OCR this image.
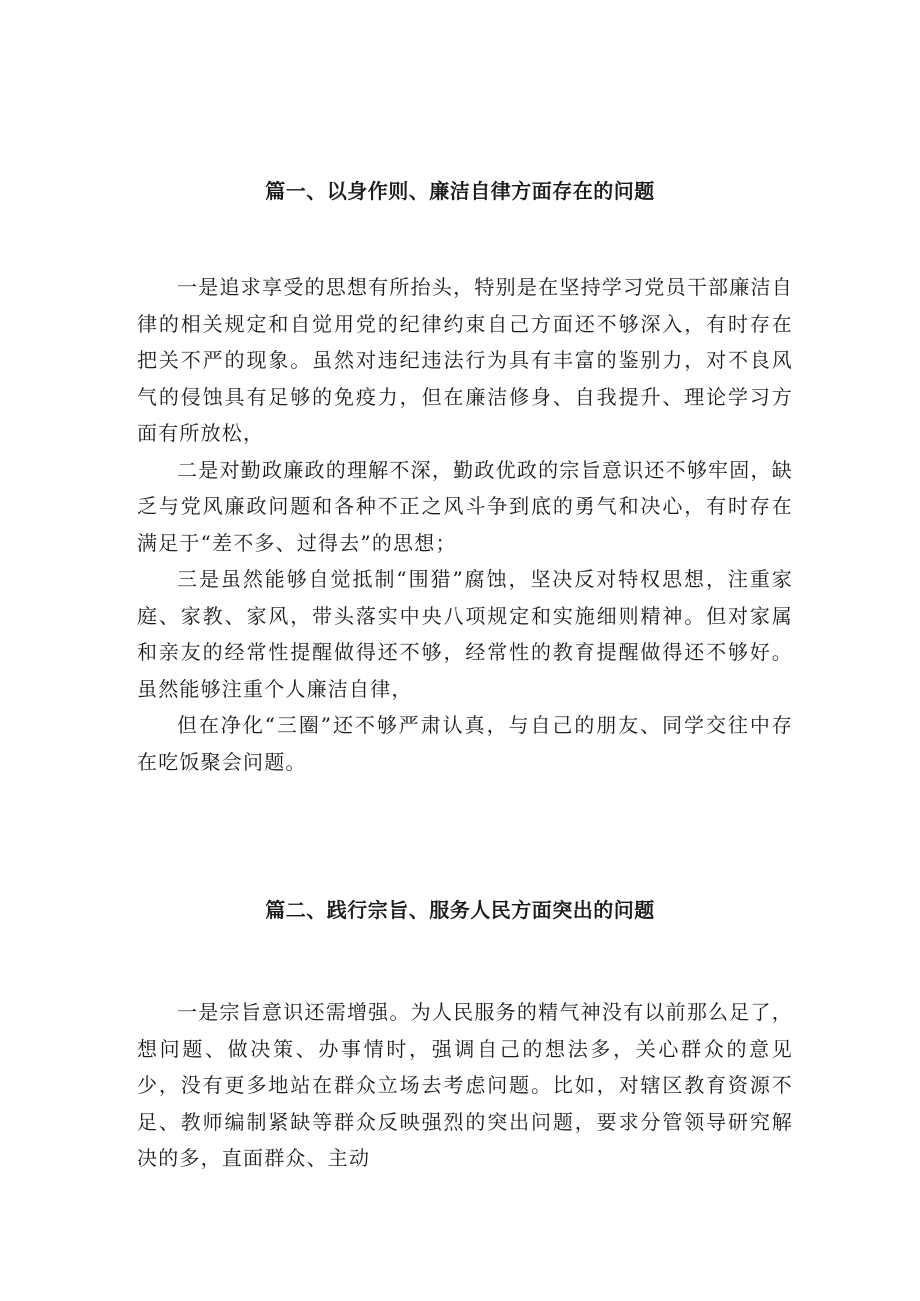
篇一、以身作则、廉洁自律方面存在的问题

一是追求享受的思想有所抬头，特别是在坚持学习党员干部廉洁自律的相关规定和自觉用党的纪律约束自己方面还不够深入，有时存在把关不严的现象。虽然对违纪违法行为具有丰富的鉴别力，对不良风气的侵蚀具有足够的免疫力，但在廉洁修身、自我提升、理论学习方面有所放松，

二是对勤政廉政的理解不深，勤政优政的宗旨意识还不够牢固，缺乏与党风廉政问题和各种不正之风斗争到底的勇气和决心，有时存在满足于“差不多、过得去”的思想；

三是虽然能够自觉抵制“围猎”腐蚀，坚决反对特权思想，注重家庭、家教、家风，带头落实中央八项规定和实施细则精神。但对家属和亲友的经常性提醒做得还不够，经常性的教育提醒做得还不够好。虽然能够注重个人廉洁自律，

但在净化“三圈”还不够严肃认真，与自己的朋友、同学交往中存在吃饭聚会问题。

篇二、践行宗旨、服务人民方面突出的问题

一是宗旨意识还需增强。为人民服务的精气神没有以前那么足了，想问题、做决策、办事情时，强调自己的想法多，关心群众的意见少，没有更多地站在群众立场去考虑问题。比如，对辖区教育资源不足、教师编制紧缺等群众反映强烈的突出问题，要求分管领导研究解决的多，直面群众、主动
